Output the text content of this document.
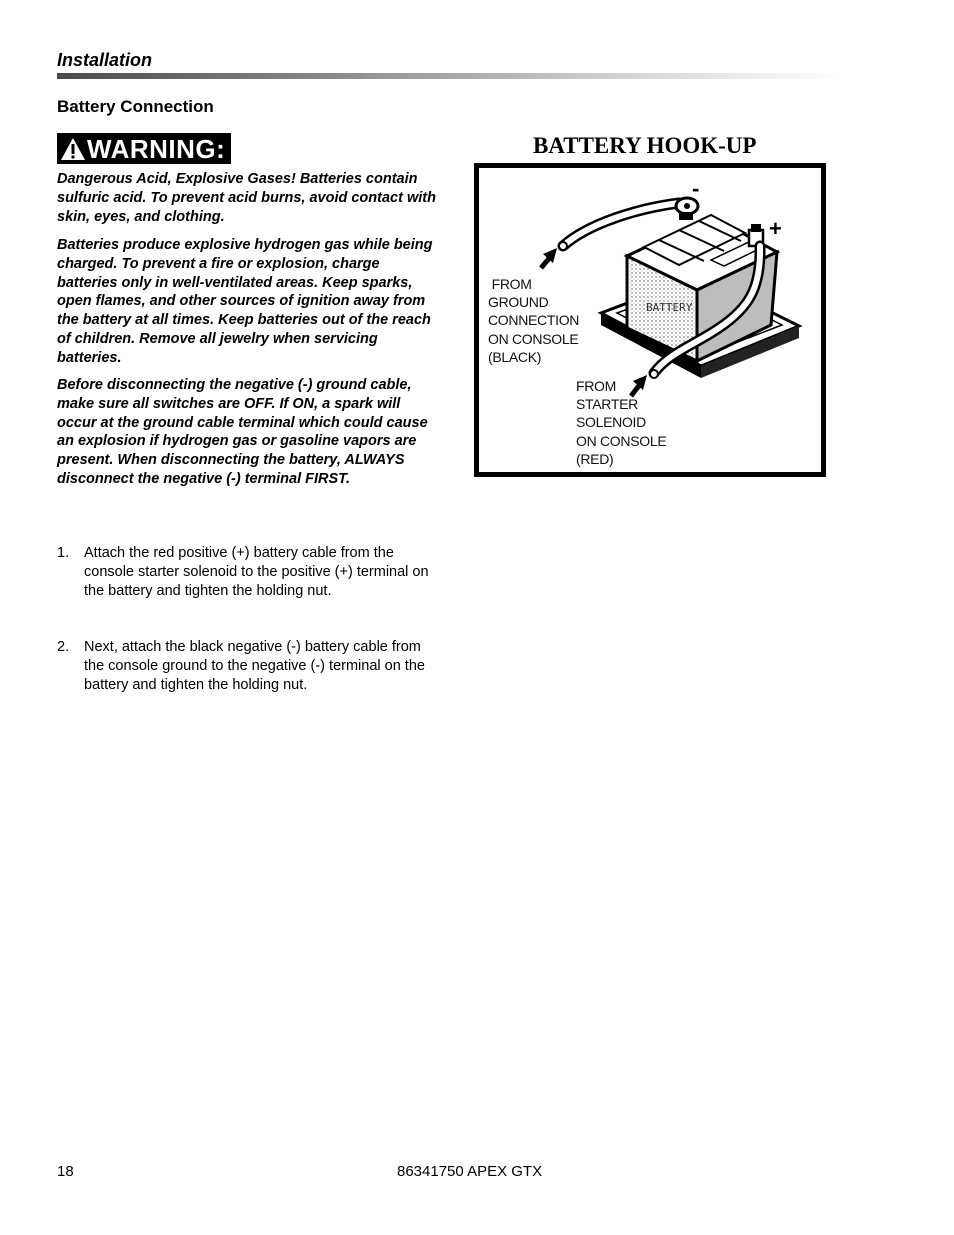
Installation
Battery Connection
WARNING:

Dangerous Acid, Explosive Gases! Batteries contain sulfuric acid. To prevent acid burns, avoid contact with skin, eyes, and clothing.

Batteries produce explosive hydrogen gas while being charged. To prevent a fire or explosion, charge batteries only in well-ventilated areas. Keep sparks, open flames, and other sources of ignition away from the battery at all times. Keep batteries out of the reach of children. Remove all jewelry when servicing batteries.

Before disconnecting the negative (-) ground cable, make sure all switches are OFF. If ON, a spark will occur at the ground cable terminal which could cause an explosion if hydrogen gas or gasoline vapors are present. When disconnecting the battery, ALWAYS disconnect the negative (-) terminal FIRST.

1. Attach the red positive (+) battery cable from the console starter solenoid to the positive (+) terminal on the battery and tighten the holding nut.
2. Next, attach the black negative (-) battery cable from the console ground to the negative (-) terminal on the battery and tighten the holding nut.
BATTERY HOOK-UP
BATTERY
-
+
FROM
GROUND
CONNECTION
ON CONSOLE
(BLACK)
FROM
STARTER
SOLENOID
ON CONSOLE
(RED)
18	86341750 APEX GTX
